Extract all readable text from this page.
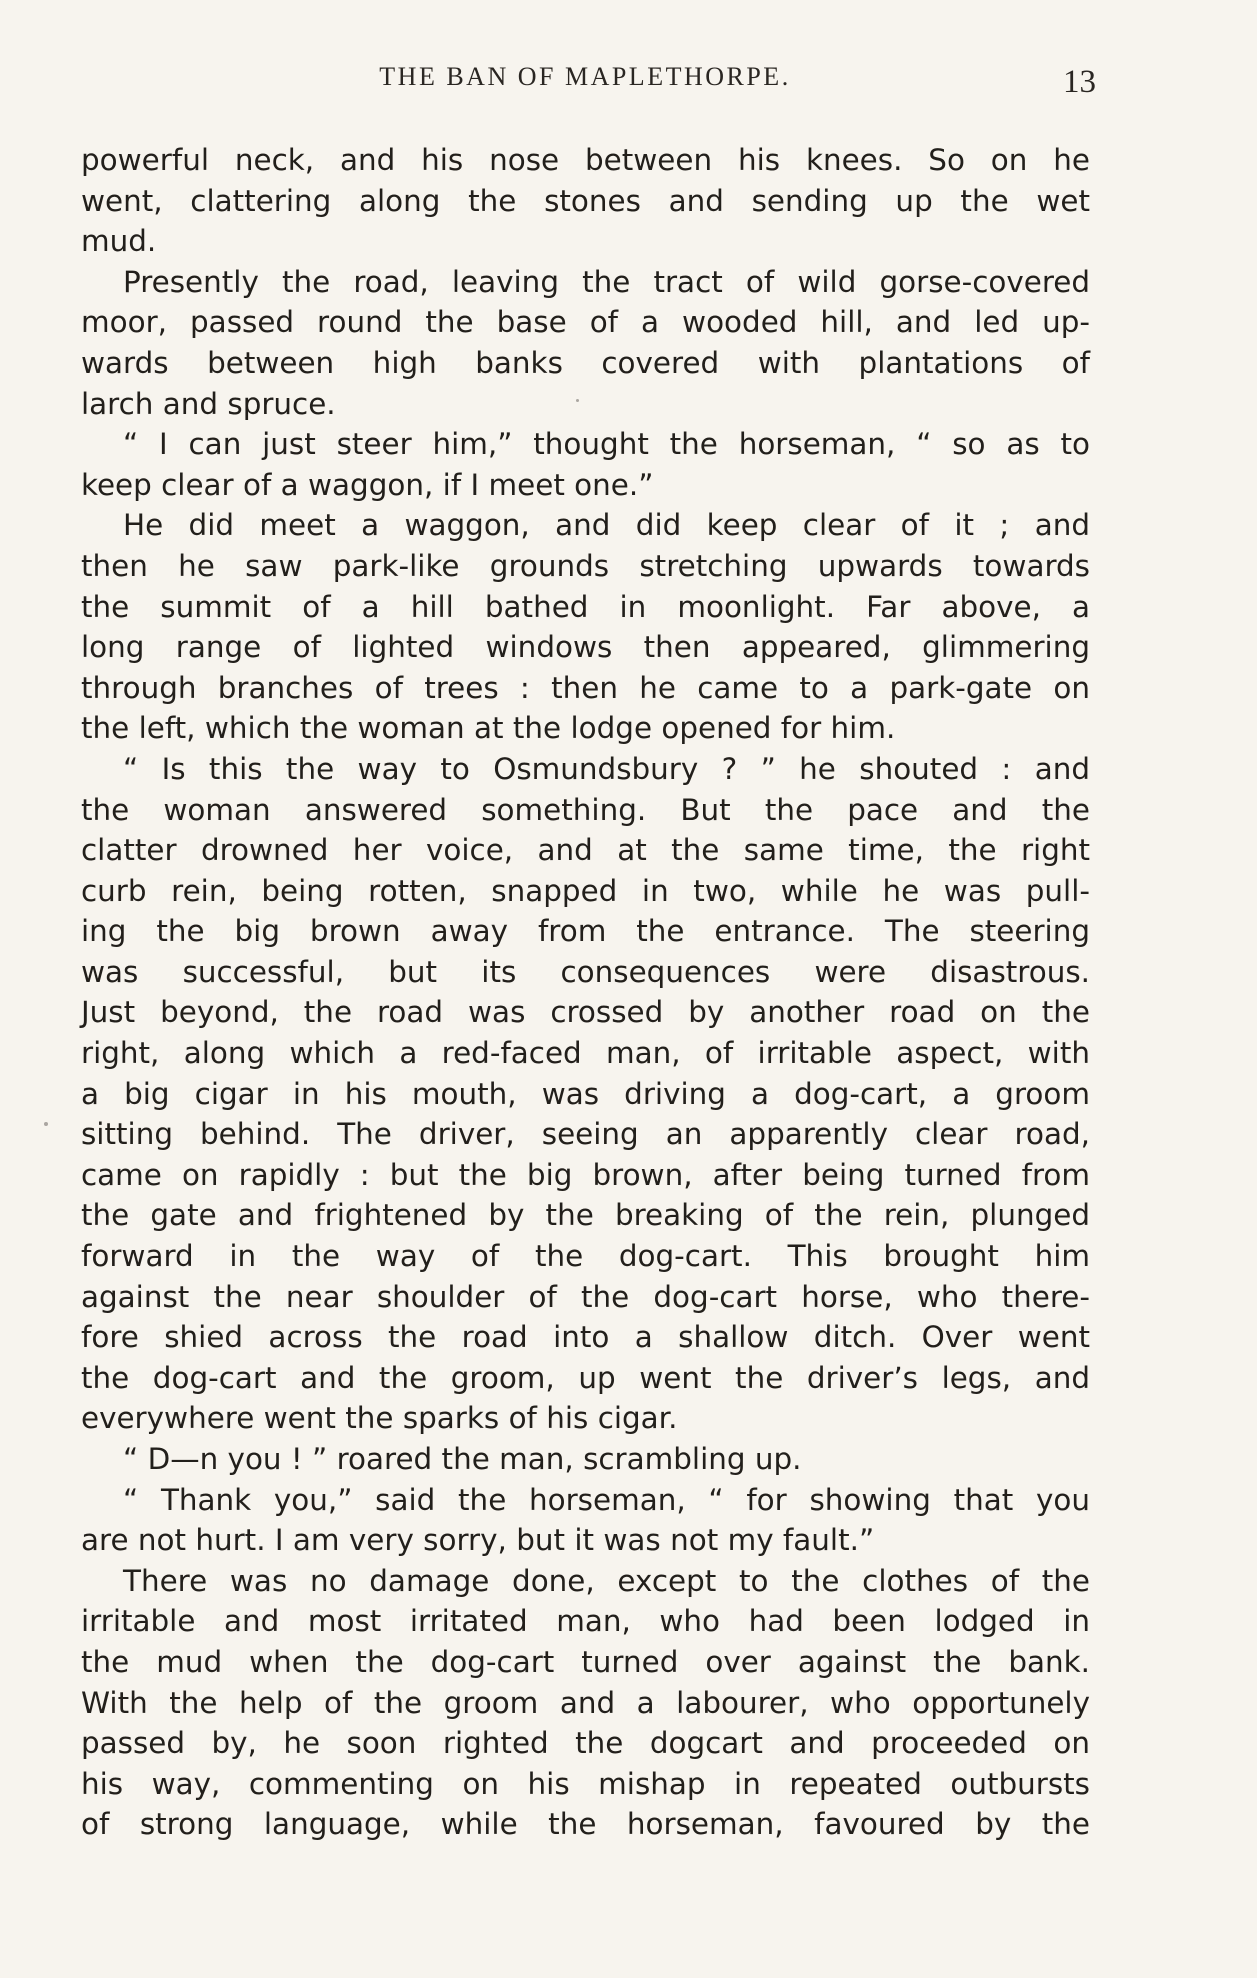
THE BAN OF MAPLETHORPE.	13
powerful neck, and his nose between his knees. So on he
went, clattering along the stones and sending up the wet
mud.
Presently the road, leaving the tract of wild gorse-covered
moor, passed round the base of a wooded hill, and led up-
wards between high banks covered with plantations of
larch and spruce.
“ I can just steer him,” thought the horseman, “ so as to
keep clear of a waggon, if I meet one.”
He did meet a waggon, and did keep clear of it ; and
then he saw park-like grounds stretching upwards towards
the summit of a hill bathed in moonlight. Far above, a
long range of lighted windows then appeared, glimmering
through branches of trees : then he came to a park-gate on
the left, which the woman at the lodge opened for him.
“ Is this the way to Osmundsbury ? ” he shouted : and
the woman answered something. But the pace and the
clatter drowned her voice, and at the same time, the right
curb rein, being rotten, snapped in two, while he was pull-
ing the big brown away from the entrance. The steering
was successful, but its consequences were disastrous.
Just beyond, the road was crossed by another road on the
right, along which a red-faced man, of irritable aspect, with
a big cigar in his mouth, was driving a dog-cart, a groom
sitting behind. The driver, seeing an apparently clear road,
came on rapidly : but the big brown, after being turned from
the gate and frightened by the breaking of the rein, plunged
forward in the way of the dog-cart. This brought him
against the near shoulder of the dog-cart horse, who there-
fore shied across the road into a shallow ditch. Over went
the dog-cart and the groom, up went the driver’s legs, and
everywhere went the sparks of his cigar.
“ D—n you ! ” roared the man, scrambling up.
“ Thank you,” said the horseman, “ for showing that you
are not hurt. I am very sorry, but it was not my fault.”
There was no damage done, except to the clothes of the
irritable and most irritated man, who had been lodged in
the mud when the dog-cart turned over against the bank.
With the help of the groom and a labourer, who opportunely
passed by, he soon righted the dogcart and proceeded on
his way, commenting on his mishap in repeated outbursts
of strong language, while the horseman, favoured by the
